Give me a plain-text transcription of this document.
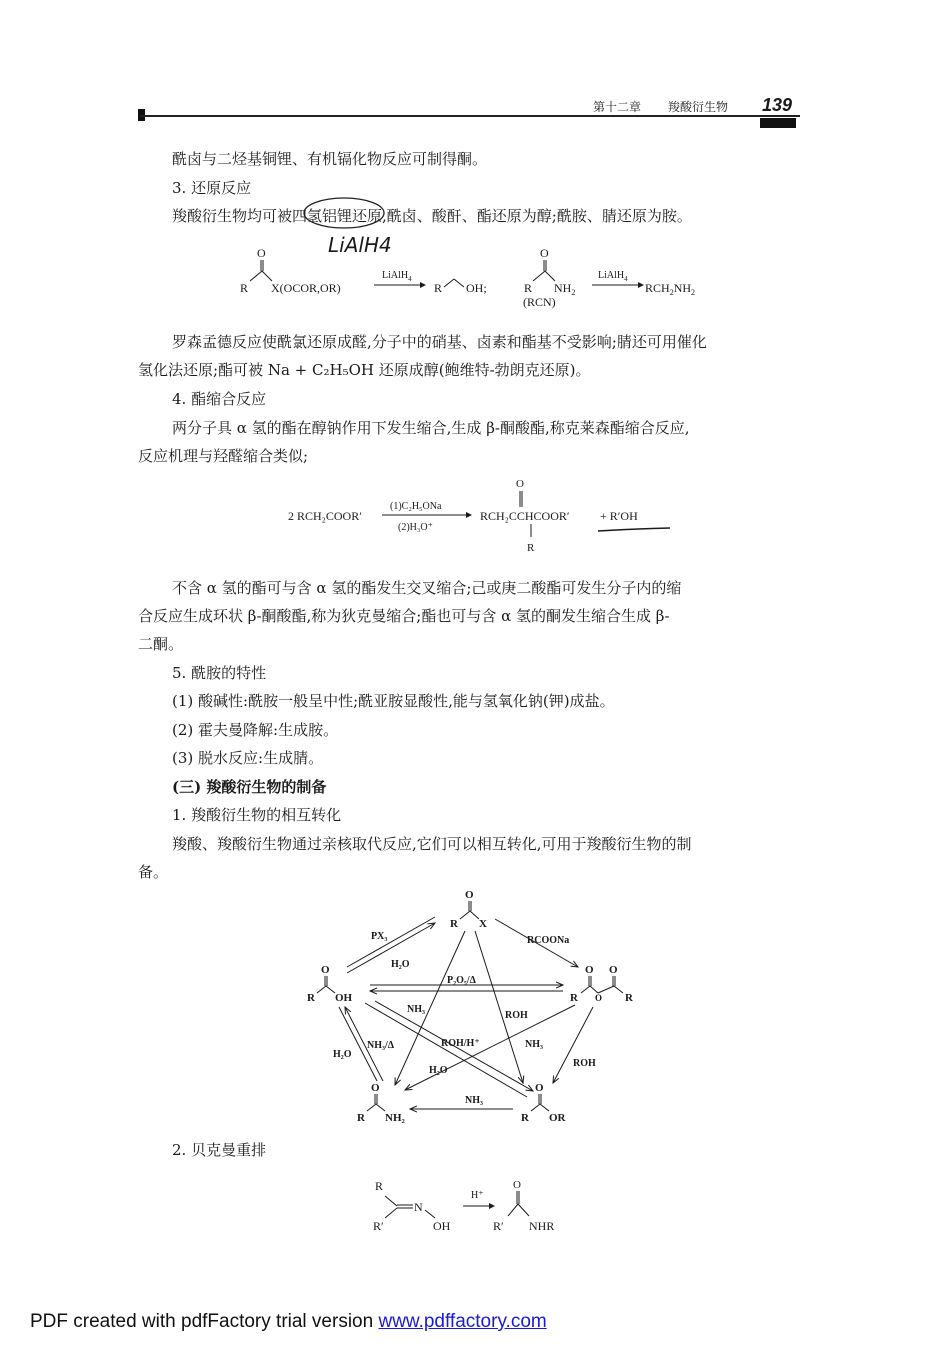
第十二章 羧酸衍生物 139
酰卤与二烃基铜锂、有机镉化物反应可制得酮。
3. 还原反应
羧酸衍生物均可被四氢铝锂还原,酰卤、酸酐、酯还原为醇;酰胺、腈还原为胺。
LiAlH4
O
R X(OCOR,OR)
LiAlH$_4$
R OH;
O
R $NH_2$
(RCN)
LiAlH$_4$
$RCH_2NH_2$
罗森孟德反应使酰氯还原成醛,分子中的硝基、卤素和酯基不受影响;腈还可用催化
氢化法还原;酯可被 Na + C₂H₅OH 还原成醇(鲍维特-勃朗克还原)。
4. 酯缩合反应
两分子具 α 氢的酯在醇钠作用下发生缩合,生成 β-酮酸酯,称克莱森酯缩合反应,
反应机理与羟醛缩合类似;
2 RCH₂COOR′
(1)C₂H₅ONa
(2)H₃O⁺
RCH₂CCHCOOR′
O
R
+ R′OH
不含 α 氢的酯可与含 α 氢的酯发生交叉缩合;己或庚二酸酯可发生分子内的缩
合反应生成环状 β-酮酸酯,称为狄克曼缩合;酯也可与含 α 氢的酮发生缩合生成 β-
二酮。
5. 酰胺的特性
(1) 酸碱性:酰胺一般呈中性;酰亚胺显酸性,能与氢氧化钠(钾)成盐。
(2) 霍夫曼降解:生成胺。
(3) 脱水反应:生成腈。
(三) 羧酸衍生物的制备
1. 羧酸衍生物的相互转化
羧酸、羧酸衍生物通过亲核取代反应,它们可以相互转化,可用于羧酸衍生物的制
备。
O
R X
O
R OH
O O
R O R
O
R NH₂
O
R OR
PX₃	RCOONa
H₂O
P₂O₅/Δ
NH₃
ROH
H₂O
NH₃/Δ	ROH/H⁺	NH₃
ROH
H₂O
NH₃
2. 贝克曼重排
R
R′
N
OH
H⁺
O
R′ NHR
PDF created with pdfFactory trial version www.pdffactory.com
